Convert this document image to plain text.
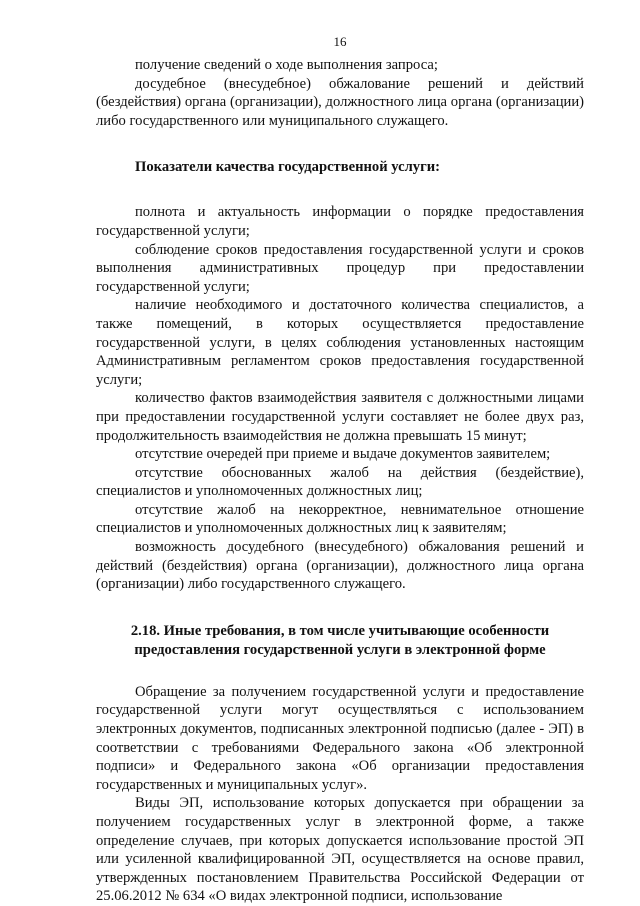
16

получение сведений о ходе выполнения запроса;

досудебное (внесудебное) обжалование решений и действий (бездействия) органа (организации), должностного лица органа (организации) либо государственного или муниципального служащего.

Показатели качества государственной услуги:

полнота и актуальность информации о порядке предоставления государственной услуги;

соблюдение сроков предоставления государственной услуги и сроков выполнения административных процедур при предоставлении государственной услуги;

наличие необходимого и достаточного количества специалистов, а также помещений, в которых осуществляется предоставление государственной услуги, в целях соблюдения установленных настоящим Административным регламентом сроков предоставления государственной услуги;

количество фактов взаимодействия заявителя с должностными лицами при предоставлении государственной услуги составляет не более двух раз, продолжительность взаимодействия не должна превышать 15 минут;

отсутствие очередей при приеме и выдаче документов заявителем;

отсутствие обоснованных жалоб на действия (бездействие), специалистов и уполномоченных должностных лиц;

отсутствие жалоб на некорректное, невнимательное отношение специалистов и уполномоченных должностных лиц к заявителям;

возможность досудебного (внесудебного) обжалования решений и действий (бездействия) органа (организации), должностного лица органа (организации) либо государственного служащего.

2.18. Иные требования, в том числе учитывающие особенности
предоставления государственной услуги в электронной форме

Обращение за получением государственной услуги и предоставление государственной услуги могут осуществляться с использованием электронных документов, подписанных электронной подписью (далее - ЭП) в соответствии с требованиями Федерального закона «Об электронной подписи» и Федерального закона «Об организации предоставления государственных и муниципальных услуг».

Виды ЭП, использование которых допускается при обращении за получением государственных услуг в электронной форме, а также определение случаев, при которых допускается использование простой ЭП или усиленной квалифицированной ЭП, осуществляется на основе правил, утвержденных постановлением Правительства Российской Федерации от 25.06.2012 № 634 «О видах электронной подписи, использование
